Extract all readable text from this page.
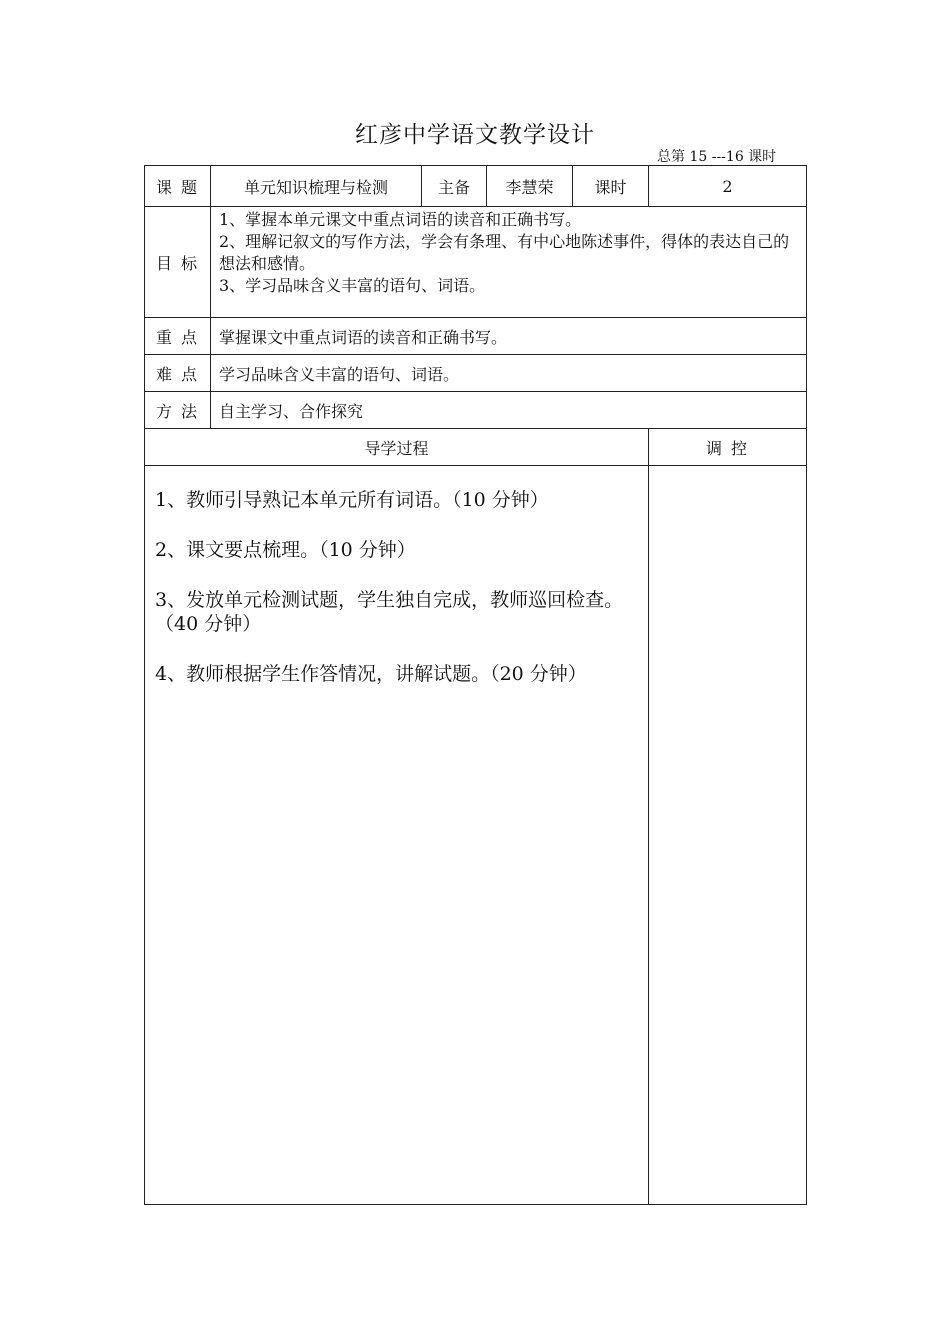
红彦中学语文教学设计
总第 15 ---16 课时
课 题	单元知识梳理与检测	主备	李慧荣	课时	2
目 标	1、掌握本单元课文中重点词语的读音和正确书写。
2、理解记叙文的写作方法，学会有条理、有中心地陈述事件，得体的表达自己的想法和感情。
3、学习品味含义丰富的语句、词语。				

重 点	掌握课文中重点词语的读音和正确书写。				
难 点	学习品味含义丰富的语句、词语。				
方 法	自主学习、合作探究				
导学过程					调 控

1、教师引导熟记本单元所有词语。（10 分钟）

2、课文要点梳理。（10 分钟）

3、发放单元检测试题，学生独自完成，教师巡回检查。（40 分钟）

4、教师根据学生作答情况，讲解试题。（20 分钟）					
